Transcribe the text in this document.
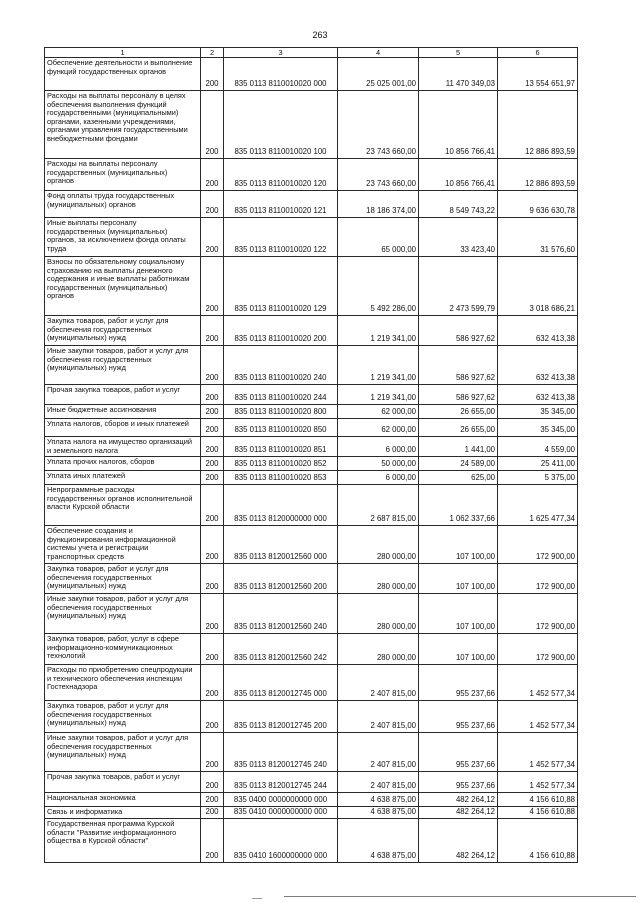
263
1	2	3	4	5	6
Обеспечение деятельности и выполнение
функций государственных органов
200	835 0113 8110010020 000	25 025 001,00	11 470 349,03	13 554 651,97
Расходы на выплаты персоналу в целях
обеспечения выполнения функций
государственными (муниципальными)
органами, казенными учреждениями,
органами управления государственными
внебюджетными фондами
200	835 0113 8110010020 100	23 743 660,00	10 856 766,41	12 886 893,59
Расходы на выплаты персоналу
государственных (муниципальных)
органов	200	835 0113 8110010020 120	23 743 660,00	10 856 766,41	12 886 893,59
Фонд оплаты труда государственных
(муниципальных) органов
200	835 0113 8110010020 121	18 186 374,00	8 549 743,22	9 636 630,78
Иные выплаты персоналу
государственных (муниципальных)
органов, за исключением фонда оплаты
труда	200	835 0113 8110010020 122	65 000,00	33 423,40	31 576,60
Взносы по обязательному социальному
страхованию на выплаты денежного
содержания и иные выплаты работникам
государственных (муниципальных)
органов
200	835 0113 8110010020 129	5 492 286,00	2 473 599,79	3 018 686,21
Закупка товаров, работ и услуг для
обеспечения государственных
(муниципальных) нужд	200	835 0113 8110010020 200	1 219 341,00	586 927,62	632 413,38
Иные закупки товаров, работ и услуг для
обеспечения государственных
(муниципальных) нужд
200	835 0113 8110010020 240	1 219 341,00	586 927,62	632 413,38
Прочая закупка товаров, работ и услуг
200	835 0113 8110010020 244	1 219 341,00	586 927,62	632 413,38
Иные бюджетные ассигнования	200	835 0113 8110010020 800	62 000,00	26 655,00	35 345,00
Уплата налогов, сборов и иных платежей
200	835 0113 8110010020 850	62 000,00	26 655,00	35 345,00
Уплата налога на имущество организаций
и земельного налога	200	835 0113 8110010020 851	6 000,00	1 441,00	4 559,00
Уплата прочих налогов, сборов	200	835 0113 8110010020 852	50 000,00	24 589,00	25 411,00
Уплата иных платежей	200	835 0113 8110010020 853	6 000,00	625,00	5 375,00
Непрограммные расходы
государственных органов исполнительной
власти Курской области
200	835 0113 8120000000 000	2 687 815,00	1 062 337,66	1 625 477,34
Обеспечение создания и
функционирования информационной
системы учета и регистрации
транспортных средств	200	835 0113 8120012560 000	280 000,00	107 100,00	172 900,00
Закупка товаров, работ и услуг для
обеспечения государственных
(муниципальных) нужд	200	835 0113 8120012560 200	280 000,00	107 100,00	172 900,00
Иные закупки товаров, работ и услуг для
обеспечения государственных
(муниципальных) нужд
200	835 0113 8120012560 240	280 000,00	107 100,00	172 900,00
Закупка товаров, работ, услуг в сфере
информационно-коммуникационных
технологий	200	835 0113 8120012560 242	280 000,00	107 100,00	172 900,00
Расходы по приобретению спецпродукции
и технического обеспечения инспекции
Гостехнадзора
200	835 0113 8120012745 000	2 407 815,00	955 237,66	1 452 577,34
Закупка товаров, работ и услуг для
обеспечения государственных
(муниципальных) нужд	200	835 0113 8120012745 200	2 407 815,00	955 237,66	1 452 577,34
Иные закупки товаров, работ и услуг для
обеспечения государственных
(муниципальных) нужд
200	835 0113 8120012745 240	2 407 815,00	955 237,66	1 452 577,34
Прочая закупка товаров, работ и услуг
200	835 0113 8120012745 244	2 407 815,00	955 237,66	1 452 577,34
Национальная экономика	200	835 0400 0000000000 000	4 638 875,00	482 264,12	4 156 610,88
Связь и информатика	200	835 0410 0000000000 000	4 638 875,00	482 264,12	4 156 610,88
Государственная программа Курской
области "Развитие информационного
общества в Курской области"
200	835 0410 1600000000 000	4 638 875,00	482 264,12	4 156 610,88
